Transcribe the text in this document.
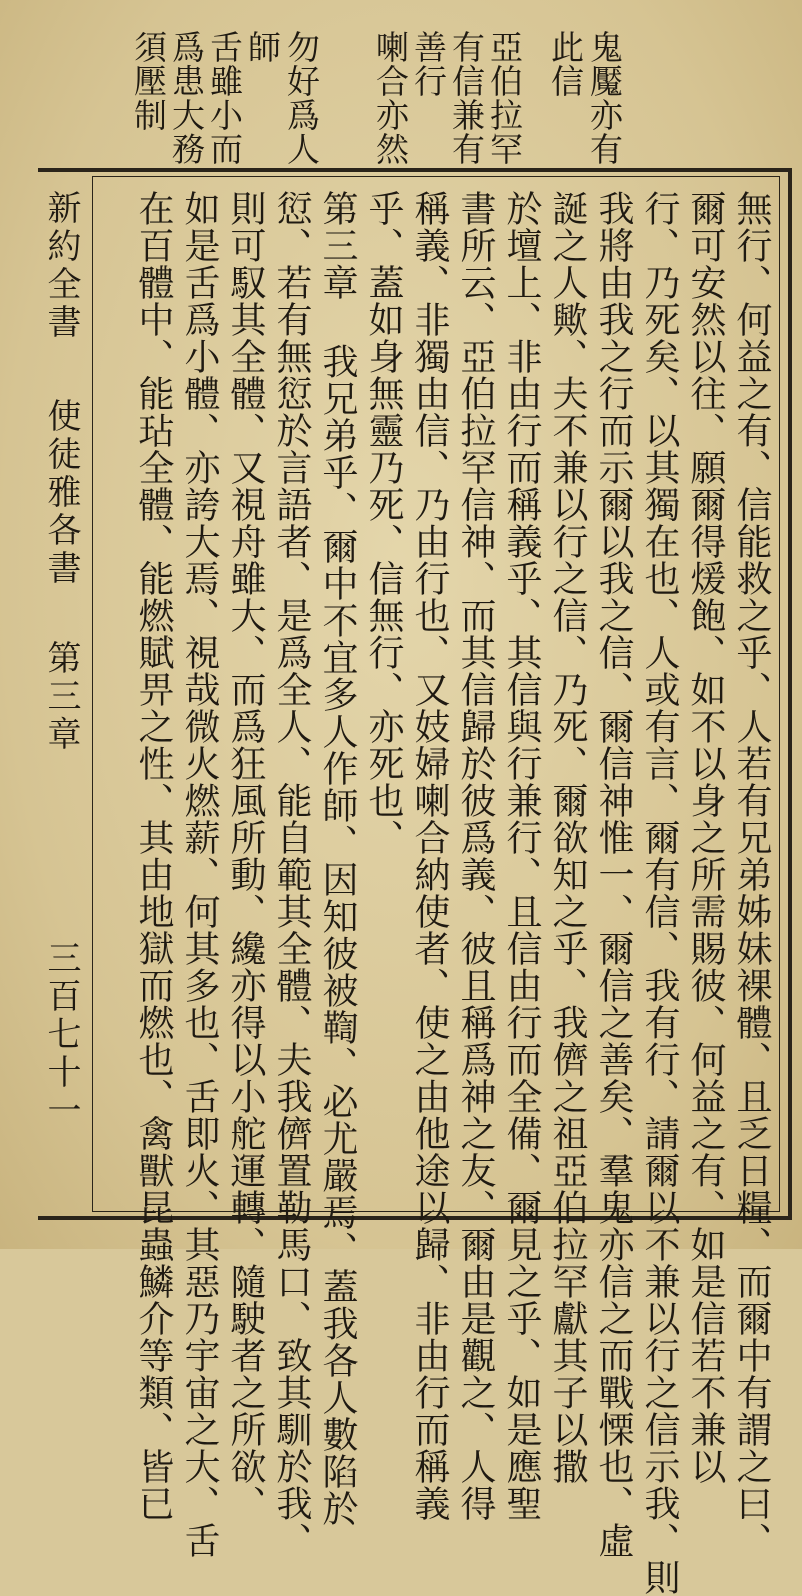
鬼魘亦有
此信
亞伯拉罕
有信兼有
善行
喇合亦然
勿好爲人
師
舌雖小而
爲患大務
須壓制
無行、何益之有、信能救之乎、人若有兄弟姊妹裸體、且乏日糧、而爾中有謂之曰、
爾可安然以往、願爾得煖飽、如不以身之所需賜彼、何益之有、如是信若不兼以
行、乃死矣、以其獨在也、人或有言、爾有信、我有行、請爾以不兼以行之信示我、則
我將由我之行而示爾以我之信、爾信神惟一、爾信之善矣、羣鬼亦信之而戰慄也、虛
誕之人歟、夫不兼以行之信、乃死、爾欲知之乎、我儕之祖亞伯拉罕獻其子以撒
於壇上、非由行而稱義乎、其信與行兼行、且信由行而全備、爾見之乎、如是應聖
書所云、亞伯拉罕信神、而其信歸於彼爲義、彼且稱爲神之友、爾由是觀之、人得
稱義、非獨由信、乃由行也、又妓婦喇合納使者、使之由他途以歸、非由行而稱義
乎、蓋如身無靈乃死、信無行、亦死也、
第三章 我兄弟乎、爾中不宜多人作師、因知彼被鞫、必尤嚴焉、蓋我各人數陷於
愆、若有無愆於言語者、是爲全人、能自範其全體、夫我儕置勒馬口、致其馴於我、
則可馭其全體、又視舟雖大、而爲狂風所動、纔亦得以小舵運轉、隨駛者之所欲、
如是舌爲小體、亦誇大焉、視哉微火燃薪、何其多也、舌即火、其惡乃宇宙之大、舌
在百體中、能玷全體、能燃賦畀之性、其由地獄而燃也、禽獸昆蟲鱗介等類、皆已
新約全書
使徒雅各書
第三章
三百七十一
